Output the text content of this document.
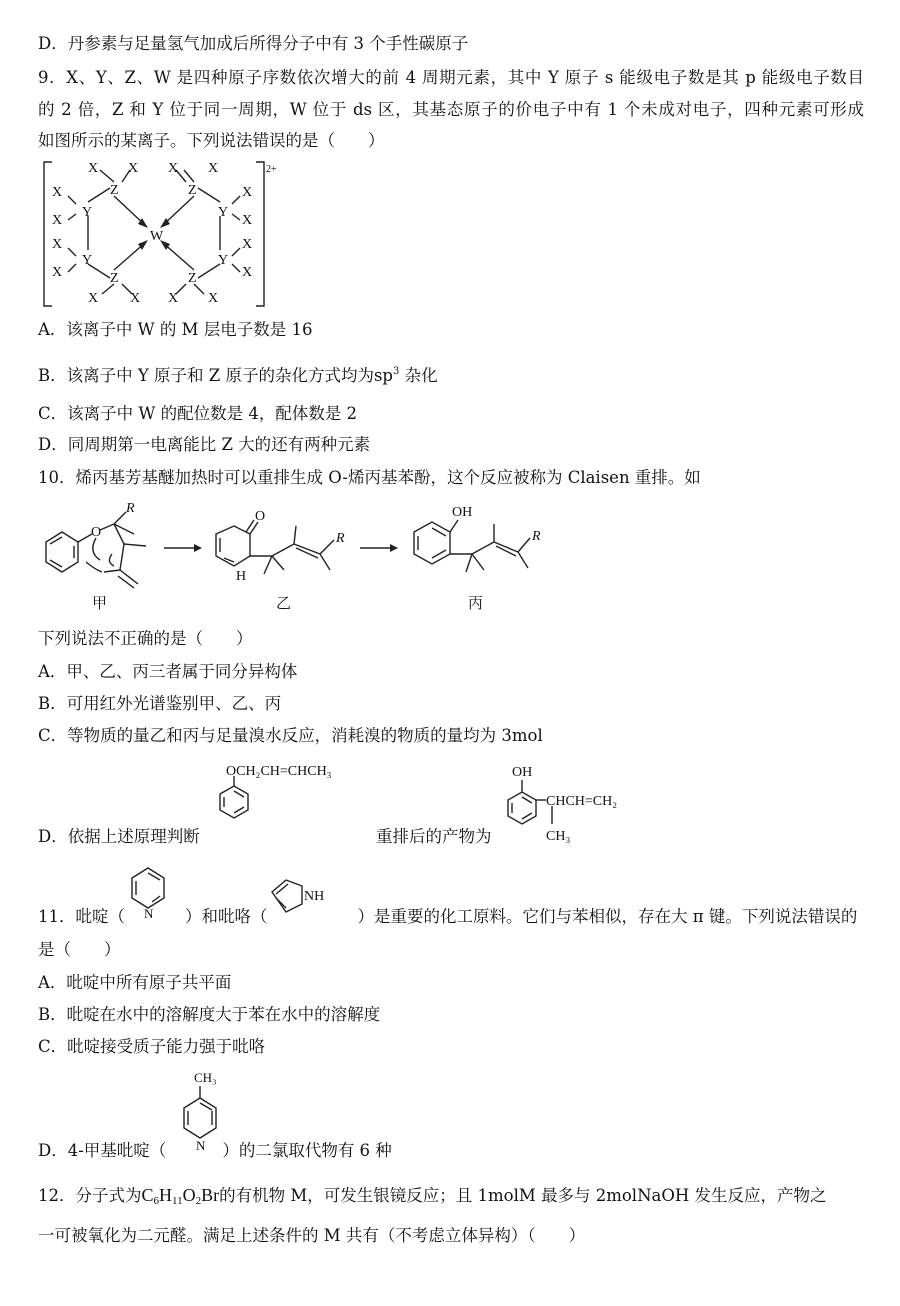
D．丹参素与足量氢气加成后所得分子中有 3 个手性碳原子
9．X、Y、Z、W 是四种原子序数依次增大的前 4 周期元素，其中 Y 原子 s 能级电子数是其 p 能级电子数目
的 2 倍，Z 和 Y 位于同一周期，W 位于 ds 区，其基态原子的价电子中有 1 个未成对电子，四种元素可形成
如图所示的某离子。下列说法错误的是（　　）
2+
W
Y
Y
Y
Y
Z
Z
Z
Z
X X X X
X
X
X
X
X
X
X
X
X X X X
A．该离子中 W 的 M 层电子数是 16
B．该离子中 Y 原子和 Z 原子的杂化方式均为$sp^3$ 杂化
C．该离子中 W 的配位数是 4，配体数是 2
D．同周期第一电离能比 Z 大的还有两种元素
10．烯丙基芳基醚加热时可以重排生成 O-烯丙基苯酚，这个反应被称为 Claisen 重排。如
O
R
O
H
R
OH
R
甲	乙	丙
下列说法不正确的是（　　）
A．甲、乙、丙三者属于同分异构体
B．可用红外光谱鉴别甲、乙、丙
C．等物质的量乙和丙与足量溴水反应，消耗溴的物质的量均为 3mol
OCH₂CH=CHCH₃	OH
CHCH=CH₂
CH₃
D．依据上述原理判断	重排后的产物为
N
NH
11．吡啶（	）和吡咯（	）是重要的化工原料。它们与苯相似，存在大 π 键。下列说法错误的
是（　　）
A．吡啶中所有原子共平面
B．吡啶在水中的溶解度大于苯在水中的溶解度
C．吡啶接受质子能力强于吡咯
CH₃
N
D．4-甲基吡啶（	）的二氯取代物有 6 种
12．分子式为$C_6H_{11}O_2Br$的有机物 M，可发生银镜反应；且 1molM 最多与 2molNaOH 发生反应，产物之
一可被氧化为二元醛。满足上述条件的 M 共有（不考虑立体异构）（　　）
